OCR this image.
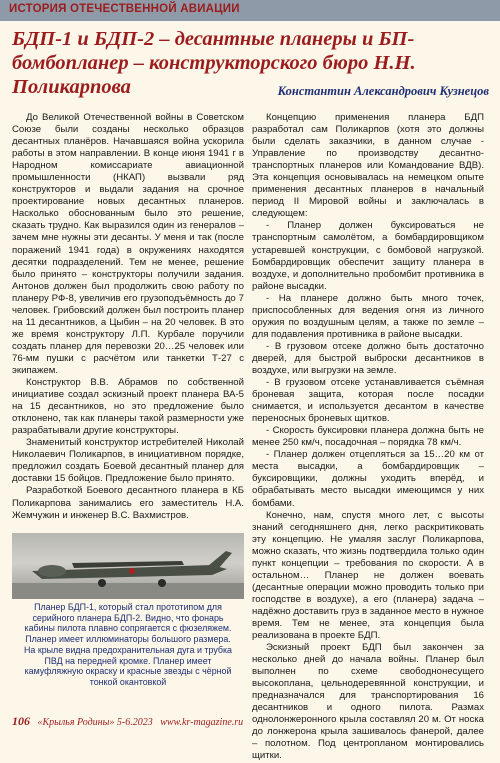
ИСТОРИЯ ОТЕЧЕСТВЕННОЙ АВИАЦИИ
БДП-1 и БДП-2 – десантные планеры и БП-бомбопланер – конструкторского бюро Н.Н. Поликарпова	Константин Александрович Кузнецов

До Великой Отечественной войны в Советском Союзе были созданы несколько образцов десантных планёров. Начавшаяся война ускорила работы в этом направлении. В конце июня 1941 г в Народном комиссариате авиационной промышленности (НКАП) вызвали ряд конструкторов и выдали задания на срочное проектирование новых десантных планеров. Насколько обоснованным было это решение, сказать трудно. Как выразился один из генералов – зачем мне нужны эти десанты. У меня и так (после поражений 1941 года) в окружениях находятся десятки подразделений. Тем не менее, решение было принято – конструкторы получили задания. Антонов должен был продолжить свою работу по планеру РФ-8, увеличив его грузоподъёмность до 7 человек. Грибовский должен был построить планер на 11 десантников, а Цыбин – на 20 человек. В это же время конструктору Л.П. Курбале поручили создать планер для перевозки 20…25 человек или 76-мм пушки с расчётом или танкетки Т-27 с экипажем.

Конструктор В.В. Абрамов по собственной инициативе создал эскизный проект планера ВА-5 на 15 десантников, но это предложение было отклонено, так как планеры такой размерности уже разрабатывали другие конструкторы.

Знаменитый конструктор истребителей Николай Николаевич Поликарпов, в инициативном порядке, предложил создать Боевой десантный планер для доставки 15 бойцов. Предложение было принято.

Разработкой Боевого десантного планера в КБ Поликарпова занимались его заместитель Н.А. Жемчужин и инженер В.С. Вахмистров.

Планер БДП-1, который стал прототипом для серийного планера БДП-2. Видно, что фонарь кабины пилота плавно сопрягается с фюзеляжем.

Планер имеет иллюминаторы большого размера.

На крыле видна предохранительная дуга и трубка ПВД на передней кромке. Планер имеет камуфляжную окраску и красные звезды с чёрной тонкой окантовкой

Концепцию применения планера БДП разработал сам Поликарпов (хотя это должны были сделать заказчики, в данном случае - Управление по производству десантно-транспортных планеров или Командование ВДВ). Эта концепция основывалась на немецком опыте применения десантных планеров в начальный период II Мировой войны и заключалась в следующем:

- Планер должен буксироваться не транспортным самолётом, а бомбардировщиком устаревшей конструкции, с бомбовой нагрузкой. Бомбардировщик обеспечит защиту планера в воздухе, и дополнительно пробомбит противника в районе высадки.

- На планере должно быть много точек, приспособленных для ведения огня из личного оружия по воздушным целям, а также по земле – для подавления противника в районе высадки.

- В грузовом отсеке должно быть достаточно дверей, для быстрой выброски десантников в воздухе, или выгрузки на земле.

- В грузовом отсеке устанавливается съёмная броневая защита, которая после посадки снимается, и используется десантом в качестве переносных броневых щитков.

- Скорость буксировки планера должна быть не менее 250 км/ч, посадочная – порядка 78 км/ч.

- Планер должен отцепляться за 15…20 км от места высадки, а бомбардировщик – буксировщики, должны уходить вперёд, и обрабатывать место высадки имеющимся у них бомбами.

Конечно, нам, спустя много лет, с высоты знаний сегодняшнего дня, легко раскритиковать эту концепцию. Не умаляя заслуг Поликарпова, можно сказать, что жизнь подтвердила только один пункт концепции – требования по скорости. А в остальном… Планер не должен воевать (десантные операции можно проводить только при господстве в воздухе), а его (планера) задача – надёжно доставить груз в заданное место в нужное время. Тем не менее, эта концепция была реализована в проекте БДП.

Эскизный проект БДП был закончен за несколько дней до начала войны. Планер был выполнен по схеме свободнонесущего высокоплана, цельнодеревянной конструкции, и предназначался для транспортирования 16 десантников и одного пилота. Размах однолонжеронного крыла составлял 20 м. От носка до лонжерона крыла зашивалось фанерой, далее – полотном. Под центропланом монтировались щитки.

106 «Крылья Родины» 5-6.2023 www.kr-magazine.ru
